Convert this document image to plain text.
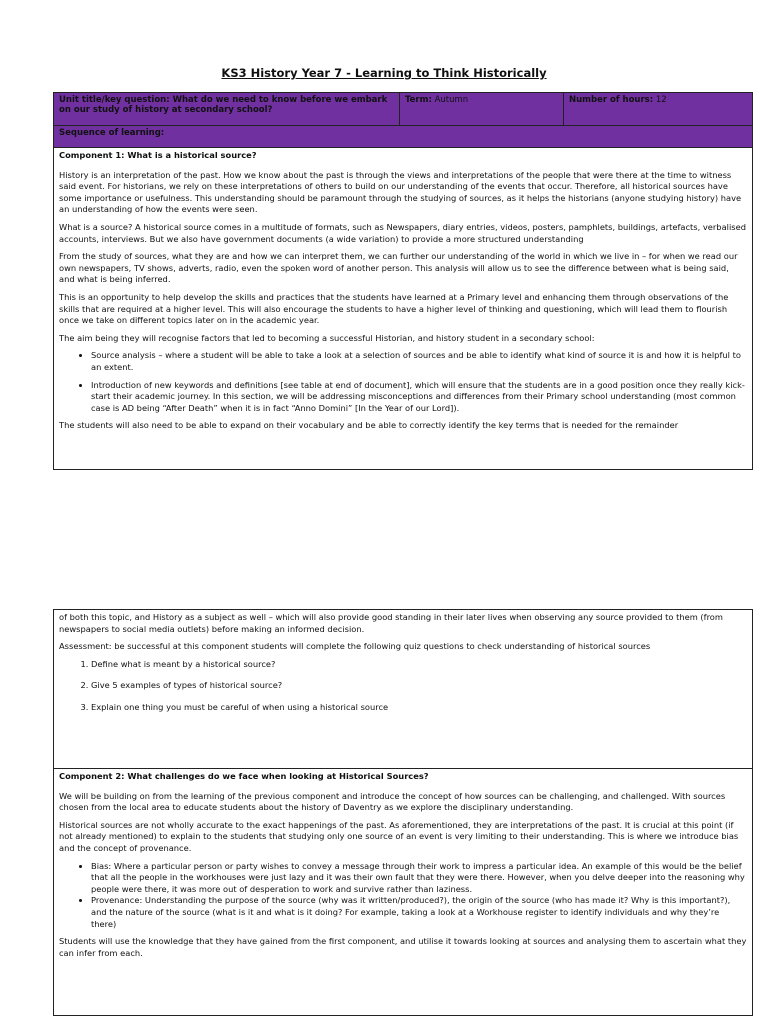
KS3 History Year 7 - Learning to Think Historically
Unit title/key question: What do we need to know before we embark on our study of history at secondary school?
Term: Autumn	Number of hours: 12
Sequence of learning:
Component 1: What is a historical source?

History is an interpretation of the past. How we know about the past is through the views and interpretations of the people that were there at the time to witness said event. For historians, we rely on these interpretations of others to build on our understanding of the events that occur. Therefore, all historical sources have some importance or usefulness. This understanding should be paramount through the studying of sources, as it helps the historians (anyone studying history) have an understanding of how the events were seen.

What is a source? A historical source comes in a multitude of formats, such as Newspapers, diary entries, videos, posters, pamphlets, buildings, artefacts, verbalised accounts, interviews. But we also have government documents (a wide variation) to provide a more structured understanding

From the study of sources, what they are and how we can interpret them, we can further our understanding of the world in which we live in – for when we read our own newspapers, TV shows, adverts, radio, even the spoken word of another person. This analysis will allow us to see the difference between what is being said, and what is being inferred.

This is an opportunity to help develop the skills and practices that the students have learned at a Primary level and enhancing them through observations of the skills that are required at a higher level. This will also encourage the students to have a higher level of thinking and questioning, which will lead them to flourish once we take on different topics later on in the academic year.

The aim being they will recognise factors that led to becoming a successful Historian, and history student in a secondary school:

• Source analysis – where a student will be able to take a look at a selection of sources and be able to identify what kind of source it is and how it is helpful to an extent.
• Introduction of new keywords and definitions [see table at end of document], which will ensure that the students are in a good position once they really kick-start their academic journey. In this section, we will be addressing misconceptions and differences from their Primary school understanding (most common case is AD being “After Death” when it is in fact “Anno Domini” [In the Year of our Lord]).

The students will also need to be able to expand on their vocabulary and be able to correctly identify the key terms that is needed for the remainder

of both this topic, and History as a subject as well – which will also provide good standing in their later lives when observing any source provided to them (from newspapers to social media outlets) before making an informed decision.

Assessment: be successful at this component students will complete the following quiz questions to check understanding of historical sources

1. Define what is meant by a historical source?
2. Give 5 examples of types of historical source?
3. Explain one thing you must be careful of when using a historical source
Component 2: What challenges do we face when looking at Historical Sources?

We will be building on from the learning of the previous component and introduce the concept of how sources can be challenging, and challenged. With sources chosen from the local area to educate students about the history of Daventry as we explore the disciplinary understanding.

Historical sources are not wholly accurate to the exact happenings of the past. As aforementioned, they are interpretations of the past. It is crucial at this point (if not already mentioned) to explain to the students that studying only one source of an event is very limiting to their understanding. This is where we introduce bias and the concept of provenance.

• Bias: Where a particular person or party wishes to convey a message through their work to impress a particular idea. An example of this would be the belief that all the people in the workhouses were just lazy and it was their own fault that they were there. However, when you delve deeper into the reasoning why people were there, it was more out of desperation to work and survive rather than laziness.
• Provenance: Understanding the purpose of the source (why was it written/produced?), the origin of the source (who has made it? Why is this important?), and the nature of the source (what is it and what is it doing? For example, taking a look at a Workhouse register to identify individuals and why they’re there)

Students will use the knowledge that they have gained from the first component, and utilise it towards looking at sources and analysing them to ascertain what they can infer from each.
